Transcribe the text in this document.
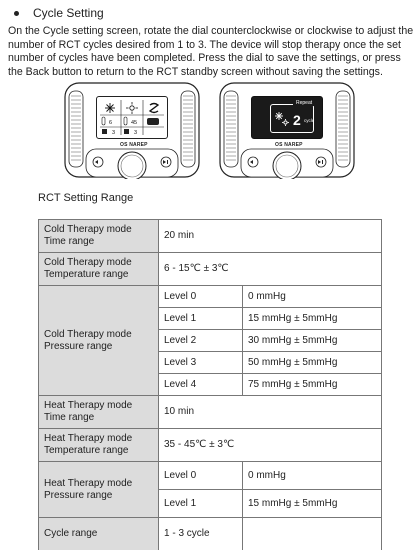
Cycle Setting

On the Cycle setting screen, rotate the dial counterclockwise or clockwise to adjust the number of RCT cycles desired from 1 to 3. The device will stop therapy once the set number of cycles have been completed. Press the dial to save the settings, or press the Back button to return to the RCT standby screen without saving the settings.

6	45
3	3
OS NAREP
Repeat
2 cycle
OS NAREP
RCT Setting Range
Cold Therapy mode Time range	20 min	
Cold Therapy mode Temperature range	6 - 15℃ ± 3℃	
Cold Therapy mode Pressure range	Level 0	0 mmHg
	Level 1	15 mmHg ± 5mmHg
	Level 2	30 mmHg ± 5mmHg
	Level 3	50 mmHg ± 5mmHg
	Level 4	75 mmHg ± 5mmHg
Heat Therapy mode Time range	10 min	
Heat Therapy mode Temperature range	35 - 45℃ ± 3℃	
Heat Therapy mode Pressure range	Level 0	0 mmHg
	Level 1	15 mmHg ± 5mmHg
Cycle range	1 - 3 cycle	
